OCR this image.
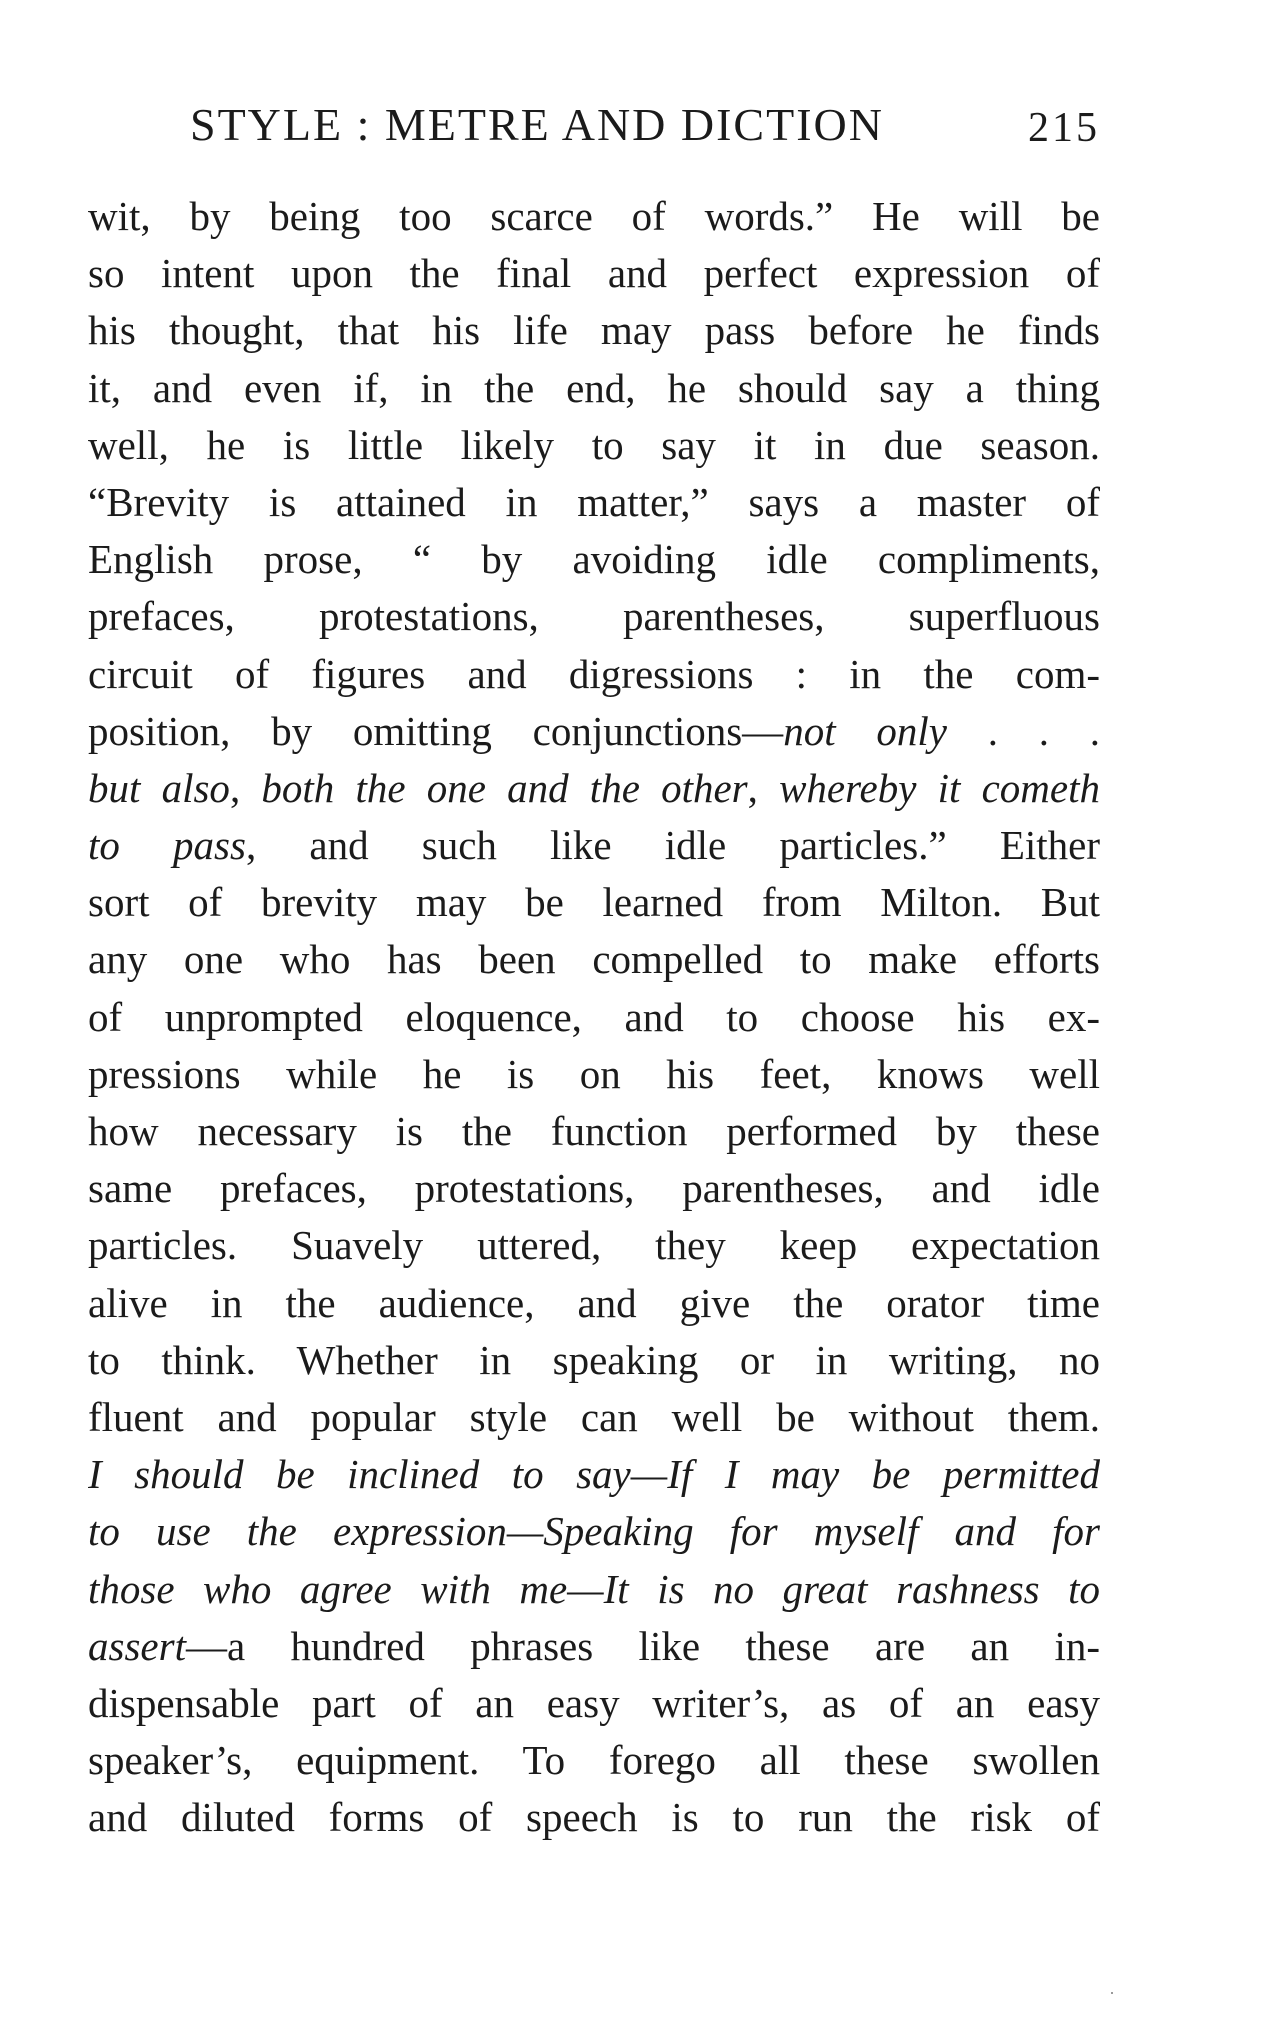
STYLE : METRE AND DICTION	215
wit, by being too scarce of words.” He will be
so intent upon the final and perfect expression of
his thought, that his life may pass before he finds
it, and even if, in the end, he should say a thing
well, he is little likely to say it in due season.
“Brevity is attained in matter,” says a master of
English prose, “ by avoiding idle compliments,
prefaces, protestations, parentheses, superfluous
circuit of figures and digressions : in the com-
position, by omitting conjunctions—not only . . .
but also, both the one and the other, whereby it cometh
to pass, and such like idle particles.” Either
sort of brevity may be learned from Milton. But
any one who has been compelled to make efforts
of unprompted eloquence, and to choose his ex-
pressions while he is on his feet, knows well
how necessary is the function performed by these
same prefaces, protestations, parentheses, and idle
particles. Suavely uttered, they keep expectation
alive in the audience, and give the orator time
to think. Whether in speaking or in writing, no
fluent and popular style can well be without them.
I should be inclined to say—If I may be permitted
to use the expression—Speaking for myself and for
those who agree with me—It is no great rashness to
assert—a hundred phrases like these are an in-
dispensable part of an easy writer’s, as of an easy
speaker’s, equipment. To forego all these swollen
and diluted forms of speech is to run the risk of
